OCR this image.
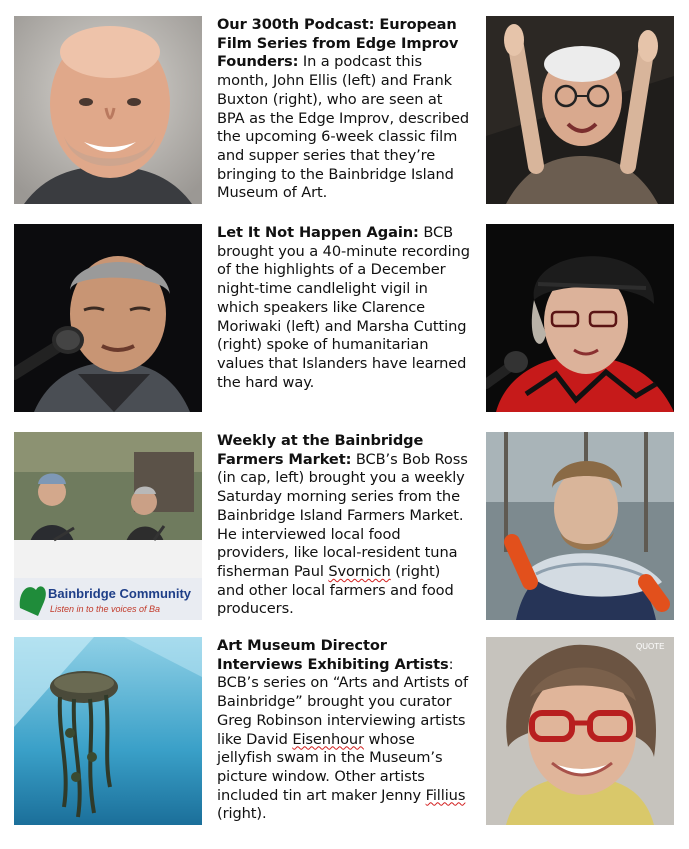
Our 300th Podcast: European Film Series from Edge Improv Founders: In a podcast this month, John Ellis (left) and Frank Buxton (right), who are seen at BPA as the Edge Improv, described the upcoming 6-week classic film and supper series that they’re bringing to the Bainbridge Island Museum of Art.
Let It Not Happen Again: BCB brought you a 40-minute recording of the highlights of a December night-time candlelight vigil in which speakers like Clarence Moriwaki (left) and Marsha Cutting (right) spoke of humanitarian values that Islanders have learned the hard way.
Bainbridge Community
Listen in to the voices of Ba
Weekly at the Bainbridge Farmers Market: BCB’s Bob Ross (in cap, left) brought you a weekly Saturday morning series from the Bainbridge Island Farmers Market. He interviewed local food providers, like local-resident tuna fisherman Paul Svornich (right) and other local farmers and food producers.
Art Museum Director Interviews Exhibiting Artists: BCB’s series on “Arts and Artists of Bainbridge” brought you curator Greg Robinson interviewing artists like David Eisenhour whose jellyfish swam in the Museum’s picture window. Other artists included tin art maker Jenny Fillius (right).
QUOTE
